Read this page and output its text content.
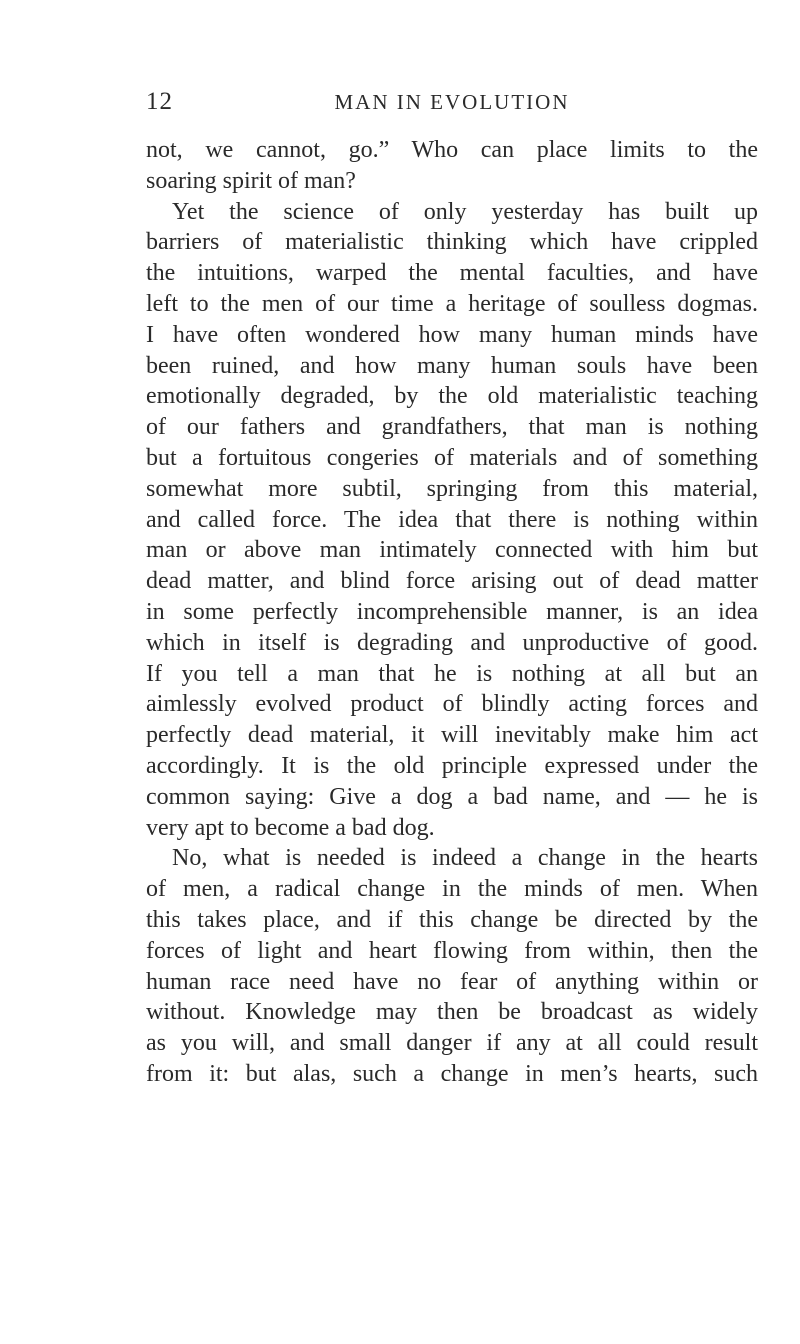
12	MAN IN EVOLUTION
not, we cannot, go.” Who can place limits to the
soaring spirit of man?
Yet the science of only yesterday has built up
barriers of materialistic thinking which have crippled
the intuitions, warped the mental faculties, and have
left to the men of our time a heritage of soulless dogmas.
I have often wondered how many human minds have
been ruined, and how many human souls have been
emotionally degraded, by the old materialistic teaching
of our fathers and grandfathers, that man is nothing
but a fortuitous congeries of materials and of something
somewhat more subtil, springing from this material,
and called force. The idea that there is nothing within
man or above man intimately connected with him but
dead matter, and blind force arising out of dead matter
in some perfectly incomprehensible manner, is an idea
which in itself is degrading and unproductive of good.
If you tell a man that he is nothing at all but an
aimlessly evolved product of blindly acting forces and
perfectly dead material, it will inevitably make him act
accordingly. It is the old principle expressed under the
common saying: Give a dog a bad name, and — he is
very apt to become a bad dog.
No, what is needed is indeed a change in the hearts
of men, a radical change in the minds of men. When
this takes place, and if this change be directed by the
forces of light and heart flowing from within, then the
human race need have no fear of anything within or
without. Knowledge may then be broadcast as widely
as you will, and small danger if any at all could result
from it: but alas, such a change in men’s hearts, such
